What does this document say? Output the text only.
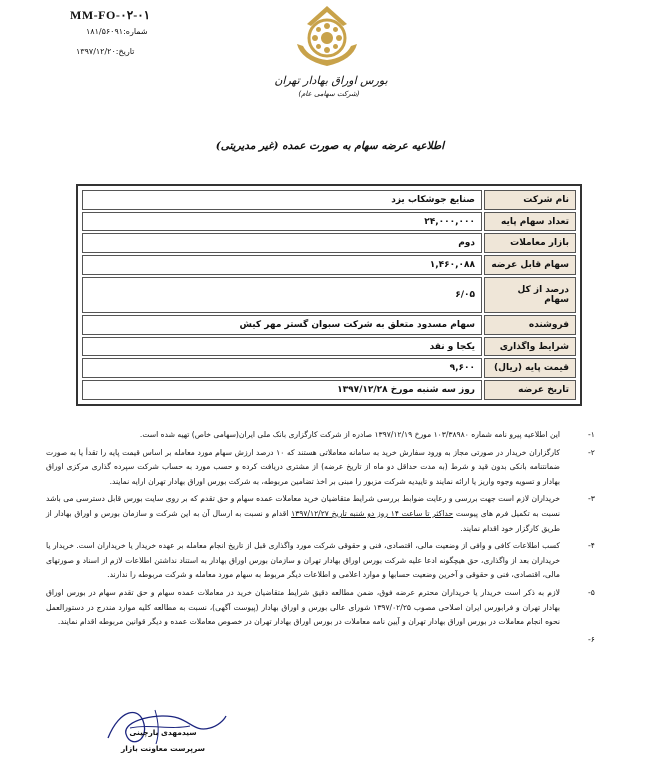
MM-FO-۰۲-۰۱
شماره:۱۸۱/۵۶۰۹۱
تاریخ:۱۳۹۷/۱۲/۲۰
بورس اوراق بهادار تهران
(شرکت سهامی عام)
اطلاعیه عرضه سهام به صورت عمده (غیر مدیریتی)
نام شرکت	صنایع جوشکاب یزد
تعداد سهام پایه	۲۴,۰۰۰,۰۰۰
بازار معاملات	دوم
سهام قابل عرضه	۱,۴۶۰,۰۸۸
درصد از کل سهام	۶/۰۵
فروشنده	سهام مسدود متعلق به شرکت سبوان گستر مهر کیش
شرایط واگذاری	یکجا و نقد
قیمت پایه (ریال)	۹,۶۰۰
تاریخ عرضه	روز سه شنبه مورخ ۱۳۹۷/۱۲/۲۸
-۱
این اطلاعیه پیرو نامه شماره ۱۰۳/۳۸۹۸۰ مورخ ۱۳۹۷/۱۲/۱۹ صادره از شرکت کارگزاری بانک ملی ایران(سهامی خاص) تهیه شده است.
-۲
کارگزاران خریدار در صورتی مجاز به ورود سفارش خرید به سامانه معاملاتی هستند که ۱۰ درصد ارزش سهام مورد معامله بر اساس قیمت پایه را تقدأ یا به صورت ضمانتنامه بانکی بدون قید و شرط (به مدت حداقل دو ماه از تاریخ عرضه) از مشتری دریافت کرده و حسب مورد به حساب شرکت سپرده گذاری مرکزی اوراق بهادار و تسویه وجوه واریز یا ارائه نمایند و تاییدیه شرکت مزبور را مبنی بر اخذ تضامین مربوطه، به شرکت بورس اوراق بهادار تهران ارایه نمایند.
-۳
خریداران لازم است جهت بررسی و رعایت ضوابط بررسی شرایط متقاضیان خرید معاملات عمده سهام و حق تقدم که بر روی سایت بورس قابل دسترسی می باشد نسبت به تکمیل فرم های پیوست حداکثر تا ساعت ۱۴ روز دو شنبه تاریخ ۱۳۹۷/۱۲/۲۷ اقدام و نسبت به ارسال آن به این شرکت و سازمان بورس و اوراق بهادار از طریق کارگزار خود اقدام نمایند.
-۴
کسب اطلاعات کافی و وافی از وضعیت مالی، اقتصادی، فنی و حقوقی شرکت مورد واگذاری قبل از تاریخ انجام معامله بر عهده خریدار یا خریداران است. خریدار یا خریداران بعد از واگذاری، حق هیچگونه ادعا علیه شرکت بورس اوراق بهادار تهران و سازمان بورس اوراق بهادار به استناد نداشتن اطلاعات لازم از اسناد و صورتهای مالی، اقتصادی، فنی و حقوقی و آخرین وضعیت حسابها و موارد اعلامی و اطلاعات دیگر مربوط به سهام مورد معامله و شرکت مربوطه را ندارند.
-۵
لازم به ذکر است خریدار یا خریداران محترم عرضه فوق، ضمن مطالعه دقیق شرایط متقاضیان خرید در معاملات عمده سهام و حق تقدم سهام در بورس اوراق بهادار تهران و فرابورس ایران اصلاحی مصوب ۱۳۹۷/۰۲/۲۵ شورای عالی بورس و اوراق بهادار (پیوست آگهی)، نسبت به مطالعه کلیه موارد مندرج در دستورالعمل نحوه انجام معاملات در بورس اوراق بهادار تهران و آیین نامه معاملات در بورس اوراق بهادار تهران در خصوص معاملات عمده و دیگر قوانین مربوطه اقدام نمایند.
-۶
سیدمهدی بارچینی
سرپرست معاونت بازار
